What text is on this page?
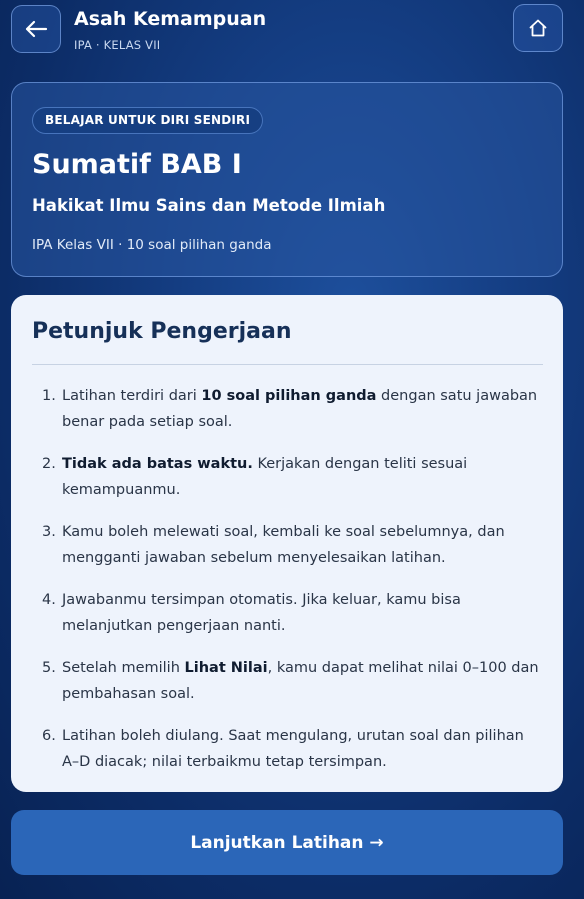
Asah Kemampuan
IPA · KELAS VII
BELAJAR UNTUK DIRI SENDIRI
Sumatif BAB I
Hakikat Ilmu Sains dan Metode Ilmiah
IPA Kelas VII · 10 soal pilihan ganda
Petunjuk Pengerjaan
1. Latihan terdiri dari 10 soal pilihan ganda dengan satu jawaban benar pada setiap soal.
2. Tidak ada batas waktu. Kerjakan dengan teliti sesuai kemampuanmu.
3. Kamu boleh melewati soal, kembali ke soal sebelumnya, dan mengganti jawaban sebelum menyelesaikan latihan.
4. Jawabanmu tersimpan otomatis. Jika keluar, kamu bisa melanjutkan pengerjaan nanti.
5. Setelah memilih Lihat Nilai, kamu dapat melihat nilai 0–100 dan pembahasan soal.
6. Latihan boleh diulang. Saat mengulang, urutan soal dan pilihan A–D diacak; nilai terbaikmu tetap tersimpan.
Lanjutkan Latihan →
